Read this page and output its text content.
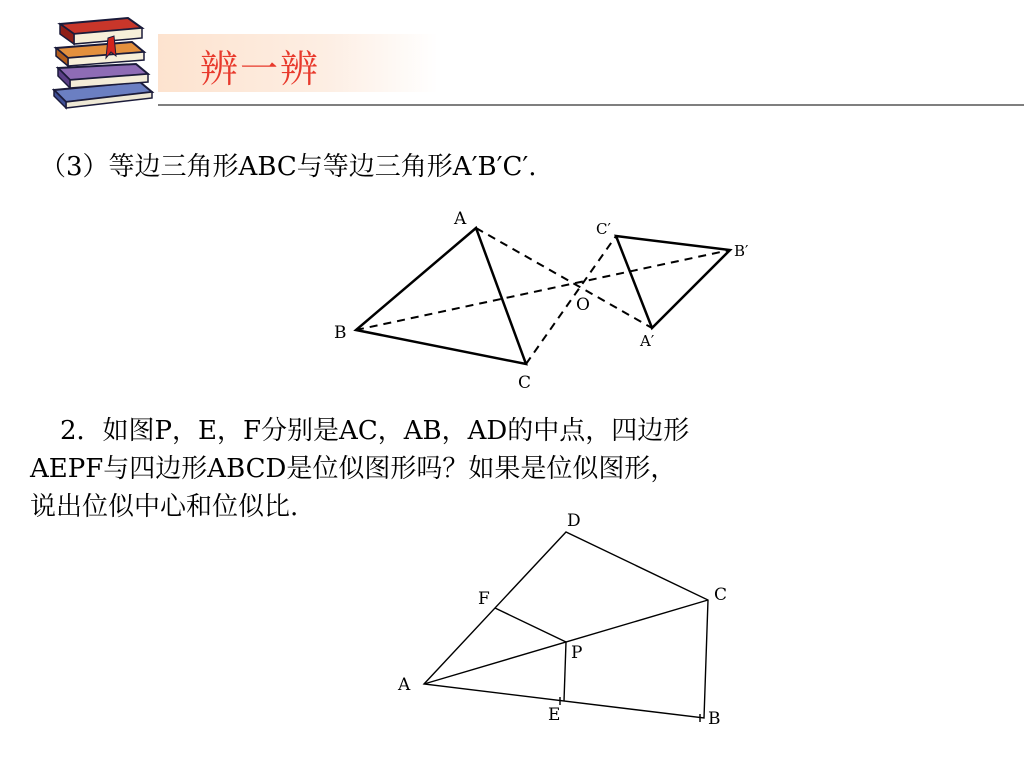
辨一辨
（3）等边三角形ABC与等边三角形A′B′C′.
A
B
C
O
C′
B′
A′
2．如图P，E，F分别是AC，AB，AD的中点，四边形
AEPF与四边形ABCD是位似图形吗？如果是位似图形，
说出位似中心和位似比.
A
B
C
D
E
F
P
